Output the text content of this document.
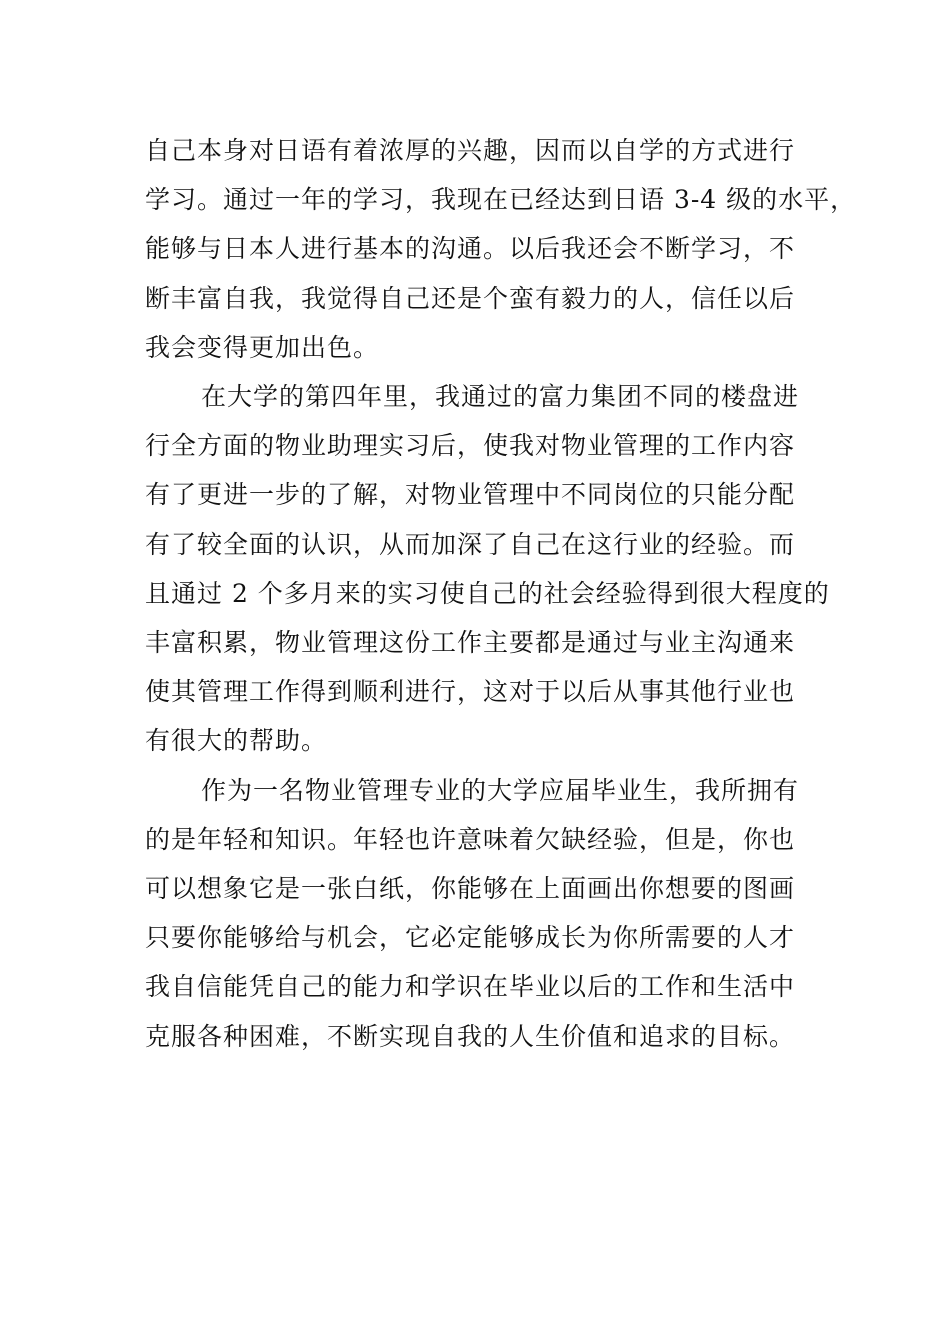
自己本身对日语有着浓厚的兴趣，因而以自学的方式进行
学习。通过一年的学习，我现在已经达到日语 3-4 级的水平，
能够与日本人进行基本的沟通。以后我还会不断学习，不
断丰富自我，我觉得自己还是个蛮有毅力的人，信任以后
我会变得更加出色。

在大学的第四年里，我通过的富力集团不同的楼盘进
行全方面的物业助理实习后，使我对物业管理的工作内容
有了更进一步的了解，对物业管理中不同岗位的只能分配
有了较全面的认识，从而加深了自己在这行业的经验。而
且通过 2 个多月来的实习使自己的社会经验得到很大程度的
丰富积累，物业管理这份工作主要都是通过与业主沟通来
使其管理工作得到顺利进行，这对于以后从事其他行业也
有很大的帮助。

作为一名物业管理专业的大学应届毕业生，我所拥有
的是年轻和知识。年轻也许意味着欠缺经验，但是，你也
可以想象它是一张白纸，你能够在上面画出你想要的图画
只要你能够给与机会，它必定能够成长为你所需要的人才
我自信能凭自己的能力和学识在毕业以后的工作和生活中
克服各种困难，不断实现自我的人生价值和追求的目标。
